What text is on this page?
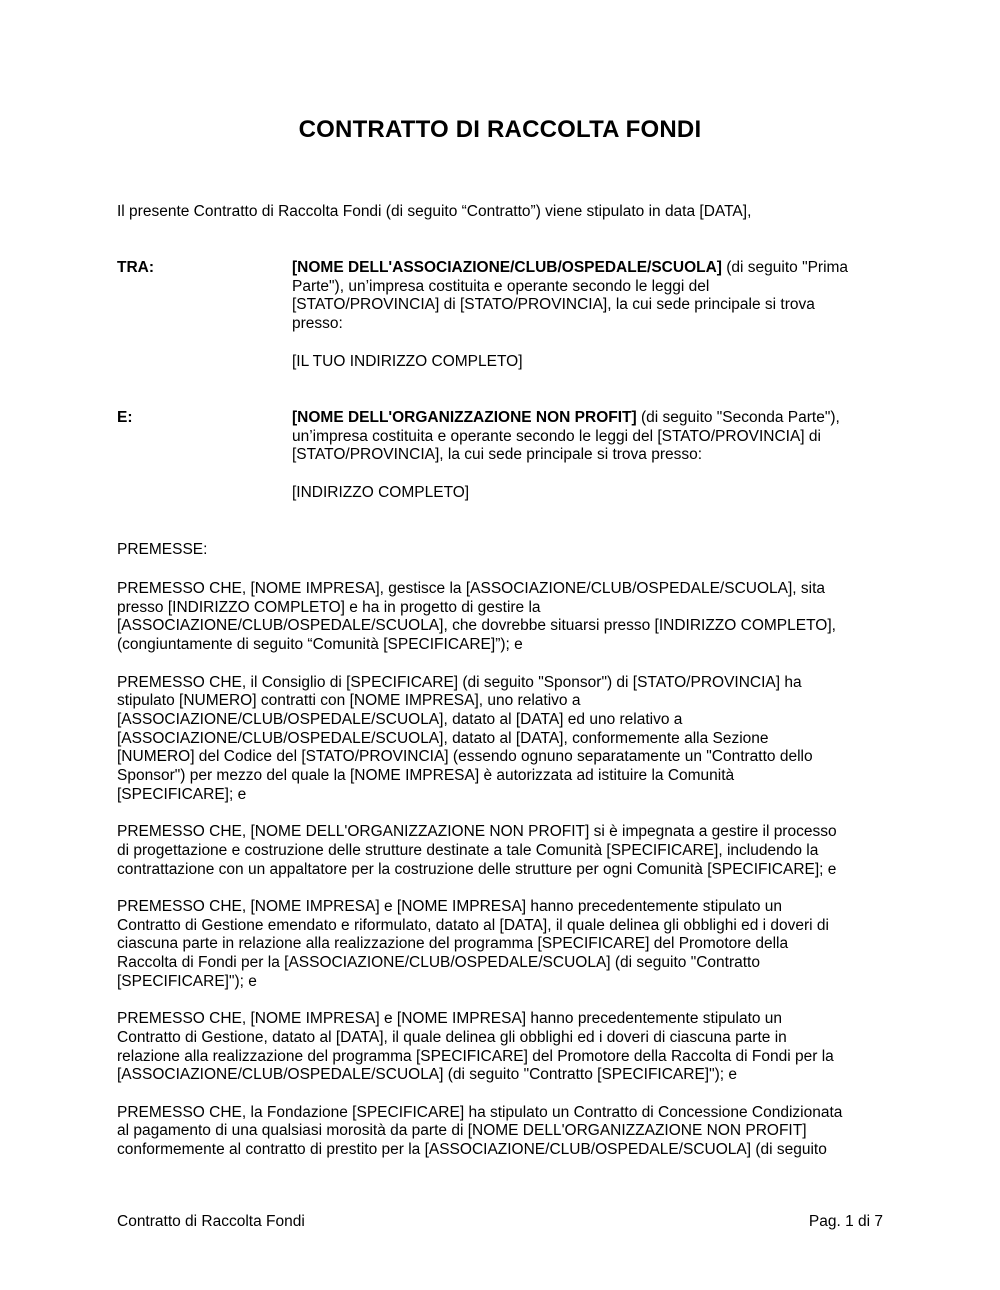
CONTRATTO DI RACCOLTA FONDI
Il presente Contratto di Raccolta Fondi (di seguito “Contratto”) viene stipulato in data [DATA],
TRA:	[NOME DELL'ASSOCIAZIONE/CLUB/OSPEDALE/SCUOLA] (di seguito "Prima
Parte"), un’impresa costituita e operante secondo le leggi del
[STATO/PROVINCIA] di [STATO/PROVINCIA], la cui sede principale si trova
presso:
[IL TUO INDIRIZZO COMPLETO]
E:	[NOME DELL'ORGANIZZAZIONE NON PROFIT] (di seguito "Seconda Parte"),
un’impresa costituita e operante secondo le leggi del [STATO/PROVINCIA] di
[STATO/PROVINCIA], la cui sede principale si trova presso:
[INDIRIZZO COMPLETO]
PREMESSE:
PREMESSO CHE, [NOME IMPRESA], gestisce la [ASSOCIAZIONE/CLUB/OSPEDALE/SCUOLA], sita
presso [INDIRIZZO COMPLETO] e ha in progetto di gestire la
[ASSOCIAZIONE/CLUB/OSPEDALE/SCUOLA], che dovrebbe situarsi presso [INDIRIZZO COMPLETO],
(congiuntamente di seguito “Comunità [SPECIFICARE]”); e
PREMESSO CHE, il Consiglio di [SPECIFICARE] (di seguito "Sponsor") di [STATO/PROVINCIA] ha
stipulato [NUMERO] contratti con [NOME IMPRESA], uno relativo a
[ASSOCIAZIONE/CLUB/OSPEDALE/SCUOLA], datato al [DATA] ed uno relativo a
[ASSOCIAZIONE/CLUB/OSPEDALE/SCUOLA], datato al [DATA], conformemente alla Sezione
[NUMERO] del Codice del [STATO/PROVINCIA] (essendo ognuno separatamente un "Contratto dello
Sponsor") per mezzo del quale la [NOME IMPRESA] è autorizzata ad istituire la Comunità
[SPECIFICARE]; e
PREMESSO CHE, [NOME DELL'ORGANIZZAZIONE NON PROFIT] si è impegnata a gestire il processo
di progettazione e costruzione delle strutture destinate a tale Comunità [SPECIFICARE], includendo la
contrattazione con un appaltatore per la costruzione delle strutture per ogni Comunità [SPECIFICARE]; e
PREMESSO CHE, [NOME IMPRESA] e [NOME IMPRESA] hanno precedentemente stipulato un
Contratto di Gestione emendato e riformulato, datato al [DATA], il quale delinea gli obblighi ed i doveri di
ciascuna parte in relazione alla realizzazione del programma [SPECIFICARE] del Promotore della
Raccolta di Fondi per la [ASSOCIAZIONE/CLUB/OSPEDALE/SCUOLA] (di seguito "Contratto
[SPECIFICARE]"); e
PREMESSO CHE, [NOME IMPRESA] e [NOME IMPRESA] hanno precedentemente stipulato un
Contratto di Gestione, datato al [DATA], il quale delinea gli obblighi ed i doveri di ciascuna parte in
relazione alla realizzazione del programma [SPECIFICARE] del Promotore della Raccolta di Fondi per la
[ASSOCIAZIONE/CLUB/OSPEDALE/SCUOLA] (di seguito "Contratto [SPECIFICARE]"); e
PREMESSO CHE, la Fondazione [SPECIFICARE] ha stipulato un Contratto di Concessione Condizionata
al pagamento di una qualsiasi morosità da parte di [NOME DELL'ORGANIZZAZIONE NON PROFIT]
conformemente al contratto di prestito per la [ASSOCIAZIONE/CLUB/OSPEDALE/SCUOLA] (di seguito
Contratto di Raccolta Fondi	Pag. 1 di 7
